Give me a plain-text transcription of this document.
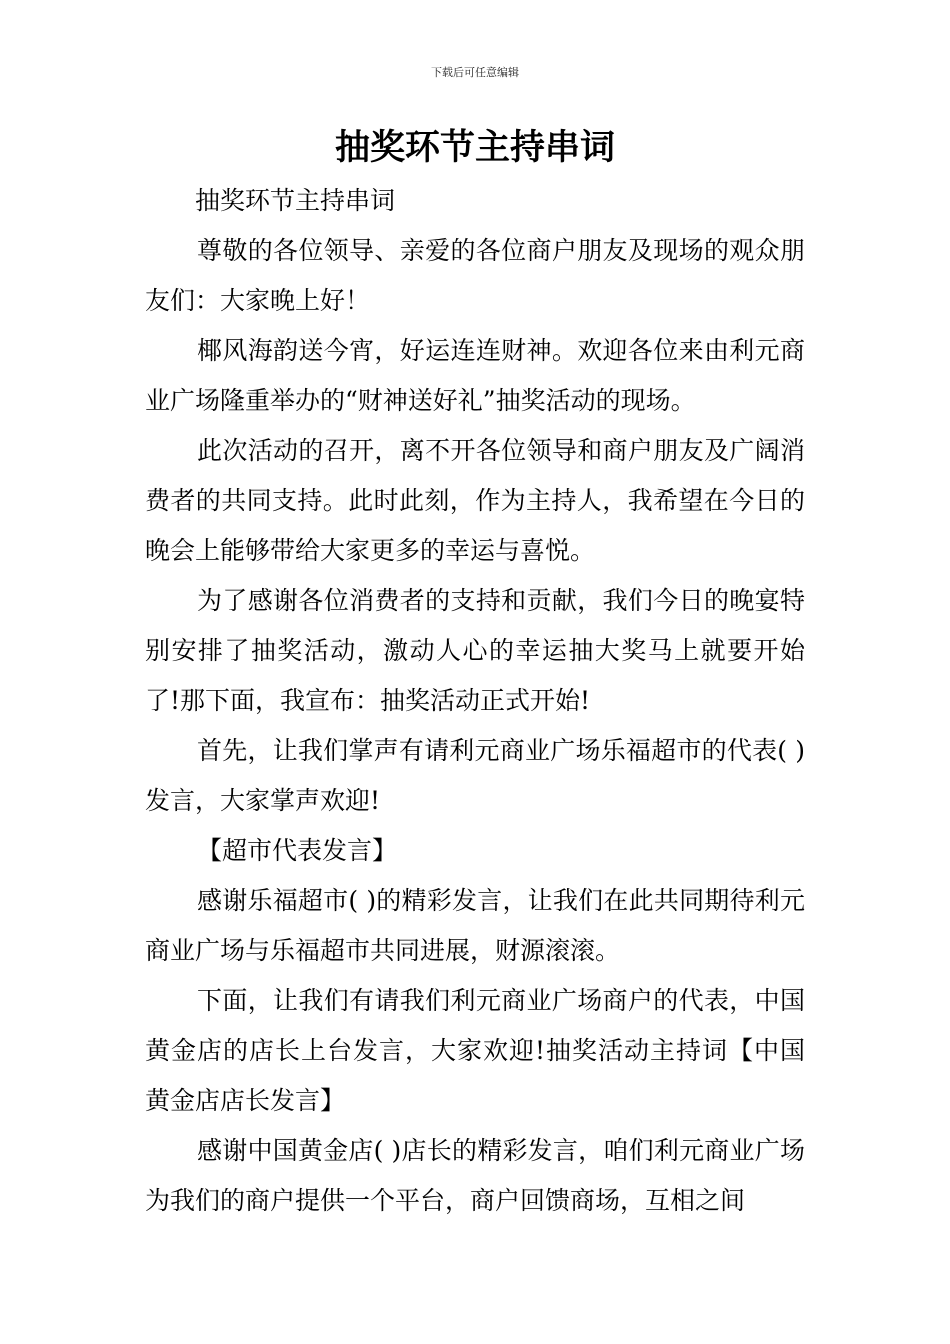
下载后可任意编辑
抽奖环节主持串词

抽奖环节主持串词

尊敬的各位领导、亲爱的各位商户朋友及现场的观众朋友们：大家晚上好！

椰风海韵送今宵，好运连连财神。欢迎各位来由利元商业广场隆重举办的“财神送好礼”抽奖活动的现场。

此次活动的召开，离不开各位领导和商户朋友及广阔消费者的共同支持。此时此刻，作为主持人，我希望在今日的晚会上能够带给大家更多的幸运与喜悦。

为了感谢各位消费者的支持和贡献，我们今日的晚宴特别安排了抽奖活动，激动人心的幸运抽大奖马上就要开始了!那下面，我宣布：抽奖活动正式开始!

首先，让我们掌声有请利元商业广场乐福超市的代表( )发言，大家掌声欢迎!

【超市代表发言】

感谢乐福超市( )的精彩发言，让我们在此共同期待利元商业广场与乐福超市共同进展，财源滚滚。

下面，让我们有请我们利元商业广场商户的代表，中国黄金店的店长上台发言，大家欢迎!抽奖活动主持词【中国黄金店店长发言】

感谢中国黄金店( )店长的精彩发言，咱们利元商业广场为我们的商户提供一个平台，商户回馈商场，互相之间
